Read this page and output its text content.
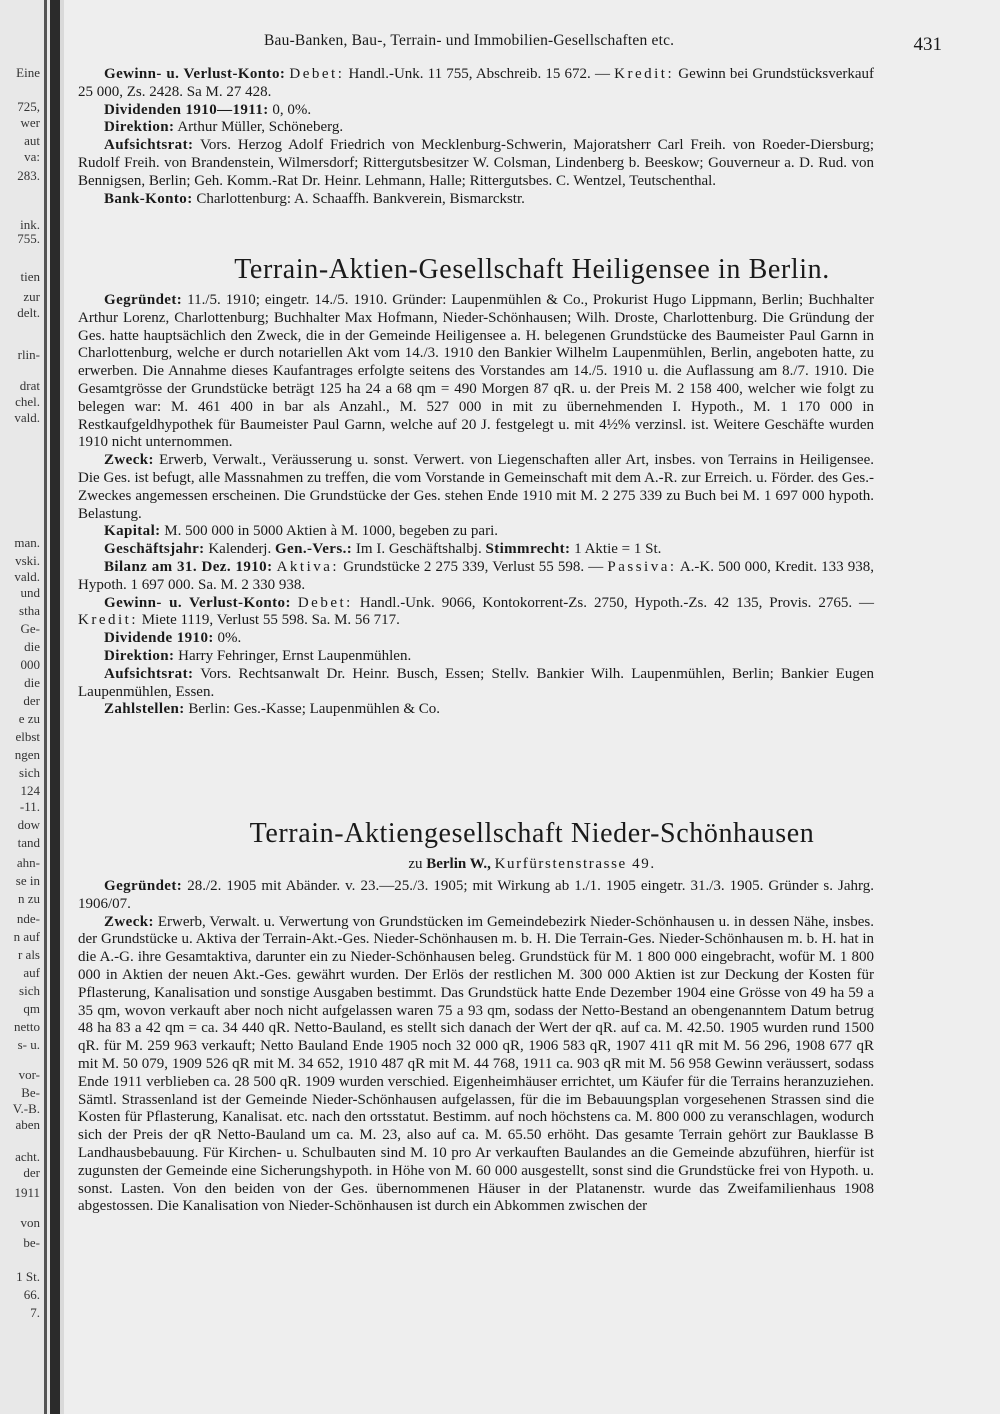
Eine
725,
wer
aut
va:
283.
ink.
755.
tien
zur
delt.
rlin-
drat
chel.
vald.
man.
vski.
vald.
und
stha
Ge-
die
000
die
der
e zu
elbst
ngen
sich
124
-11.
dow
tand
ahn-
se in
n zu
nde-
n auf
r als
auf
sich
qm
netto
s- u.
vor-
Be-
V.-B.
aben
acht.
der
1911
von
be-
1 St.
66.
7.
Bau-Banken, Bau-, Terrain- und Immobilien-Gesellschaften etc.	431

Gewinn- u. Verlust-Konto: Debet: Handl.-Unk. 11 755, Abschreib. 15 672. — Kredit: Gewinn bei Grundstücksverkauf 25 000, Zs. 2428. Sa M. 27 428.

Dividenden 1910—1911: 0, 0%.

Direktion: Arthur Müller, Schöneberg.

Aufsichtsrat: Vors. Herzog Adolf Friedrich von Mecklenburg-Schwerin, Majoratsherr Carl Freih. von Roeder-Diersburg; Rudolf Freih. von Brandenstein, Wilmersdorf; Rittergutsbesitzer W. Colsman, Lindenberg b. Beeskow; Gouverneur a. D. Rud. von Bennigsen, Berlin; Geh. Komm.-Rat Dr. Heinr. Lehmann, Halle; Rittergutsbes. C. Wentzel, Teutschenthal.

Bank-Konto: Charlottenburg: A. Schaaffh. Bankverein, Bismarckstr.

Terrain-Aktien-Gesellschaft Heiligensee in Berlin.

Gegründet: 11./5. 1910; eingetr. 14./5. 1910. Gründer: Laupenmühlen & Co., Prokurist Hugo Lippmann, Berlin; Buchhalter Arthur Lorenz, Charlottenburg; Buchhalter Max Hofmann, Nieder-Schönhausen; Wilh. Droste, Charlottenburg. Die Gründung der Ges. hatte hauptsächlich den Zweck, die in der Gemeinde Heiligensee a. H. belegenen Grundstücke des Baumeister Paul Garnn in Charlottenburg, welche er durch notariellen Akt vom 14./3. 1910 den Bankier Wilhelm Laupenmühlen, Berlin, angeboten hatte, zu erwerben. Die Annahme dieses Kaufantrages erfolgte seitens des Vorstandes am 14./5. 1910 u. die Auflassung am 8./7. 1910. Die Gesamtgrösse der Grundstücke beträgt 125 ha 24 a 68 qm = 490 Morgen 87 qR. u. der Preis M. 2 158 400, welcher wie folgt zu belegen war: M. 461 400 in bar als Anzahl., M. 527 000 in mit zu übernehmenden I. Hypoth., M. 1 170 000 in Restkaufgeldhypothek für Baumeister Paul Garnn, welche auf 20 J. festgelegt u. mit 4½% verzinsl. ist. Weitere Geschäfte wurden 1910 nicht unternommen.

Zweck: Erwerb, Verwalt., Veräusserung u. sonst. Verwert. von Liegenschaften aller Art, insbes. von Terrains in Heiligensee. Die Ges. ist befugt, alle Massnahmen zu treffen, die vom Vorstande in Gemeinschaft mit dem A.-R. zur Erreich. u. Förder. des Ges.-Zweckes angemessen erscheinen. Die Grundstücke der Ges. stehen Ende 1910 mit M. 2 275 339 zu Buch bei M. 1 697 000 hypoth. Belastung.

Kapital: M. 500 000 in 5000 Aktien à M. 1000, begeben zu pari.

Geschäftsjahr: Kalenderj. Gen.-Vers.: Im I. Geschäftshalbj. Stimmrecht: 1 Aktie = 1 St.

Bilanz am 31. Dez. 1910: Aktiva: Grundstücke 2 275 339, Verlust 55 598. — Passiva: A.-K. 500 000, Kredit. 133 938, Hypoth. 1 697 000. Sa. M. 2 330 938.

Gewinn- u. Verlust-Konto: Debet: Handl.-Unk. 9066, Kontokorrent-Zs. 2750, Hypoth.-Zs. 42 135, Provis. 2765. — Kredit: Miete 1119, Verlust 55 598. Sa. M. 56 717.

Dividende 1910: 0%.

Direktion: Harry Fehringer, Ernst Laupenmühlen.

Aufsichtsrat: Vors. Rechtsanwalt Dr. Heinr. Busch, Essen; Stellv. Bankier Wilh. Laupenmühlen, Berlin; Bankier Eugen Laupenmühlen, Essen.

Zahlstellen: Berlin: Ges.-Kasse; Laupenmühlen & Co.

Terrain-Aktiengesellschaft Nieder-Schönhausen
zu Berlin W., Kurfürstenstrasse 49.

Gegründet: 28./2. 1905 mit Abänder. v. 23.—25./3. 1905; mit Wirkung ab 1./1. 1905 eingetr. 31./3. 1905. Gründer s. Jahrg. 1906/07.

Zweck: Erwerb, Verwalt. u. Verwertung von Grundstücken im Gemeindebezirk Nieder-Schönhausen u. in dessen Nähe, insbes. der Grundstücke u. Aktiva der Terrain-Akt.-Ges. Nieder-Schönhausen m. b. H. Die Terrain-Ges. Nieder-Schönhausen m. b. H. hat in die A.-G. ihre Gesamtaktiva, darunter ein zu Nieder-Schönhausen beleg. Grundstück für M. 1 800 000 eingebracht, wofür M. 1 800 000 in Aktien der neuen Akt.-Ges. gewährt wurden. Der Erlös der restlichen M. 300 000 Aktien ist zur Deckung der Kosten für Pflasterung, Kanalisation und sonstige Ausgaben bestimmt. Das Grundstück hatte Ende Dezember 1904 eine Grösse von 49 ha 59 a 35 qm, wovon verkauft aber noch nicht aufgelassen waren 75 a 93 qm, sodass der Netto-Bestand an obengenanntem Datum betrug 48 ha 83 a 42 qm = ca. 34 440 qR. Netto-Bauland, es stellt sich danach der Wert der qR. auf ca. M. 42.50. 1905 wurden rund 1500 qR. für M. 259 963 verkauft; Netto Bauland Ende 1905 noch 32 000 qR, 1906 583 qR, 1907 411 qR mit M. 56 296, 1908 677 qR mit M. 50 079, 1909 526 qR mit M. 34 652, 1910 487 qR mit M. 44 768, 1911 ca. 903 qR mit M. 56 958 Gewinn veräussert, sodass Ende 1911 verblieben ca. 28 500 qR. 1909 wurden verschied. Eigenheimhäuser errichtet, um Käufer für die Terrains heranzuziehen. Sämtl. Strassenland ist der Gemeinde Nieder-Schönhausen aufgelassen, für die im Bebauungsplan vorgesehenen Strassen sind die Kosten für Pflasterung, Kanalisat. etc. nach den ortsstatut. Bestimm. auf noch höchstens ca. M. 800 000 zu veranschlagen, wodurch sich der Preis der qR Netto-Bauland um ca. M. 23, also auf ca. M. 65.50 erhöht. Das gesamte Terrain gehört zur Bauklasse B Landhausbebauung. Für Kirchen- u. Schulbauten sind M. 10 pro Ar verkauften Baulandes an die Gemeinde abzuführen, hierfür ist zugunsten der Gemeinde eine Sicherungshypoth. in Höhe von M. 60 000 ausgestellt, sonst sind die Grundstücke frei von Hypoth. u. sonst. Lasten. Von den beiden von der Ges. übernommenen Häuser in der Platanenstr. wurde das Zweifamilienhaus 1908 abgestossen. Die Kanalisation von Nieder-Schönhausen ist durch ein Abkommen zwischen der
